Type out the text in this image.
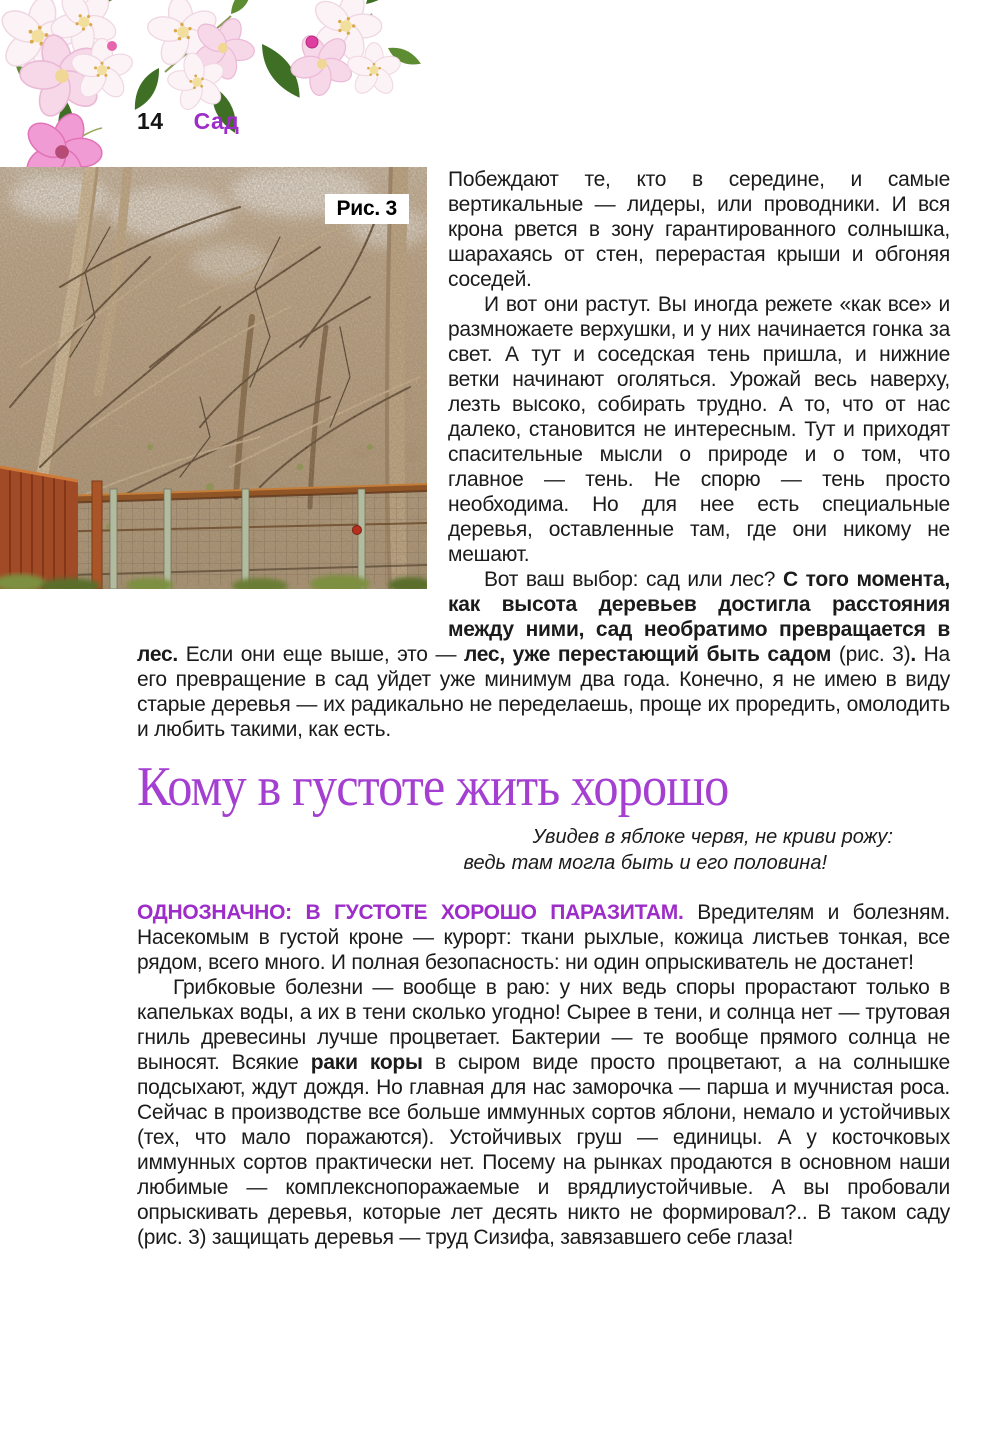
14 Сад
Рис. 3

Побеждают те, кто в середине, и самые вертикальные — лидеры, или проводники. И вся крона рвется в зону гарантированного солнышка, шарахаясь от стен, перерастая крыши и обгоняя соседей.

И вот они растут. Вы иногда режете «как все» и размножаете верхушки, и у них начинается гонка за свет. А тут и соседская тень пришла, и нижние ветки начинают оголяться. Урожай весь наверху, лезть высоко, собирать трудно. А то, что от нас далеко, становится не интересным. Тут и приходят спасительные мысли о природе и о том, что главное — тень. Не спорю — тень просто необходима. Но для нее есть специальные деревья, оставленные там, где они никому не мешают.

Вот ваш выбор: сад или лес? С того момента, как высота деревьев достигла расстояния между ними, сад необратимо превращается в лес. Если они еще выше, это — лес, уже перестающий быть садом (рис. 3). На его превращение в сад уйдет уже минимум два года. Конечно, я не имею в виду старые деревья — их радикально не переделаешь, проще их проредить, омолодить и любить такими, как есть.

Кому в густоте жить хорошо
Увидев в яблоке червя, не криви рожу:
ведь там могла быть и его половина!

ОДНОЗНАЧНО: В ГУСТОТЕ ХОРОШО ПАРАЗИТАМ. Вредителям и болезням. Насекомым в густой кроне — курорт: ткани рыхлые, кожица листьев тонкая, все рядом, всего много. И полная безопасность: ни один опрыскиватель не достанет!

Грибковые болезни — вообще в раю: у них ведь споры прорастают только в капельках воды, а их в тени сколько угодно! Сырее в тени, и солнца нет — трутовая гниль древесины лучше процветает. Бактерии — те вообще прямого солнца не выносят. Всякие раки коры в сыром виде просто процветают, а на солнышке подсыхают, ждут дождя. Но главная для нас заморочка — парша и мучнистая роса. Сейчас в производстве все больше иммунных сортов яблони, немало и устойчивых (тех, что мало поражаются). Устойчивых груш — единицы. А у косточковых иммунных сортов практически нет. Посему на рынках продаются в основном наши любимые — комплекснопоражаемые и врядлиустойчивые. А вы пробовали опрыскивать деревья, которые лет десять никто не формировал?.. В таком саду (рис. 3) защищать деревья — труд Сизифа, завязавшего себе глаза!
